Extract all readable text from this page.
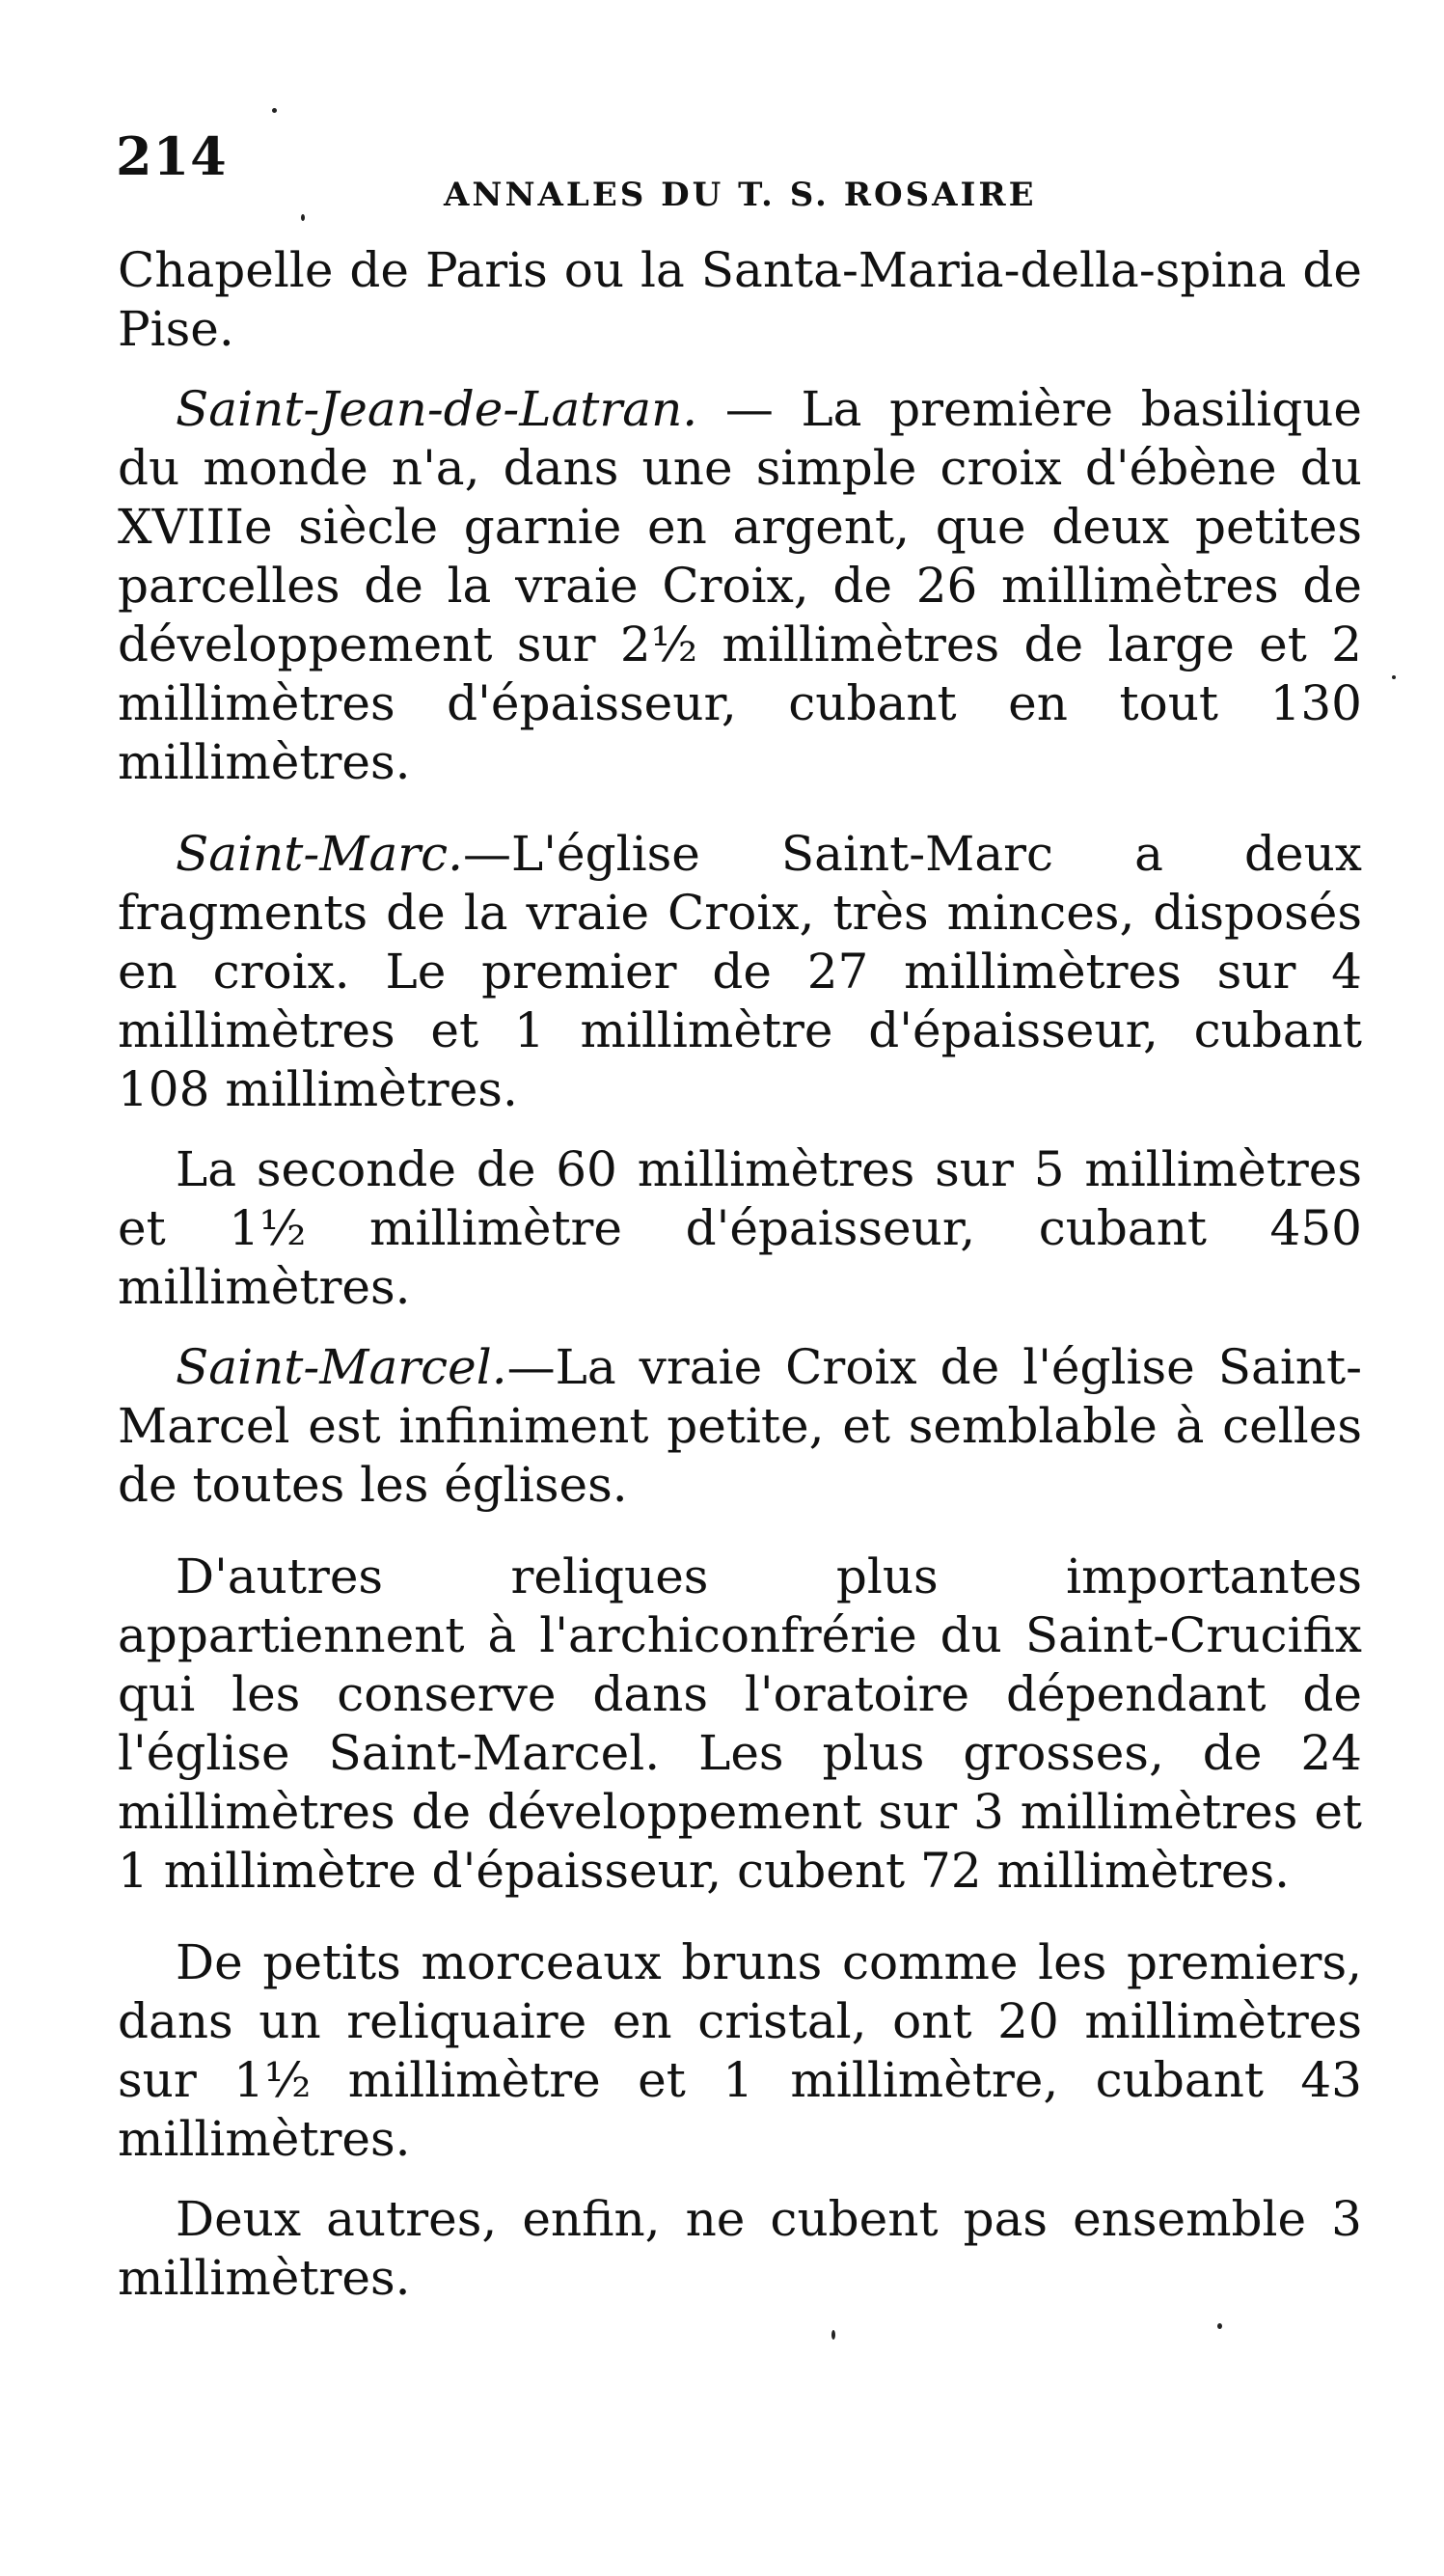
214
ANNALES DU T. S. ROSAIRE

Chapelle de Paris ou la Santa-Maria-della-spina de Pise.

Saint-Jean-de-Latran. — La première basilique du monde n'a, dans une simple croix d'ébène du XVIIIe siècle garnie en argent, que deux petites parcelles de la vraie Croix, de 26 millimètres de développement sur 2½ millimètres de large et 2 millimètres d'épaisseur, cubant en tout 130 millimètres.

Saint-Marc.—L'église Saint-Marc a deux fragments de la vraie Croix, très minces, disposés en croix. Le premier de 27 millimètres sur 4 millimètres et 1 millimètre d'épaisseur, cubant 108 millimètres.

La seconde de 60 millimètres sur 5 millimètres et 1½ millimètre d'épaisseur, cubant 450 millimètres.

Saint-Marcel.—La vraie Croix de l'église Saint-Marcel est infiniment petite, et semblable à celles de toutes les églises.

D'autres reliques plus importantes appartiennent à l'archiconfrérie du Saint-Crucifix qui les conserve dans l'oratoire dépendant de l'église Saint-Marcel. Les plus grosses, de 24 millimètres de développement sur 3 millimètres et 1 millimètre d'épaisseur, cubent 72 millimètres.

De petits morceaux bruns comme les premiers, dans un reliquaire en cristal, ont 20 millimètres sur 1½ millimètre et 1 millimètre, cubant 43 millimètres.

Deux autres, enfin, ne cubent pas ensemble 3 millimètres.
